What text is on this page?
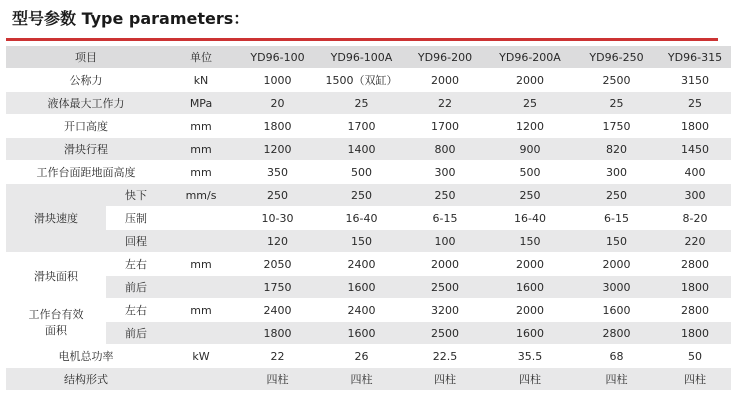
型号参数 Type parameters：
项目		单位	YD96-100	YD96-100A	YD96-200	YD96-200A	YD96-250	YD96-315
公称力		kN	1000	1500（双缸）	2000	2000	2500	3150
液体最大工作力		MPa	20	25	22	25	25	25
开口高度		mm	1800	1700	1700	1200	1750	1800
滑块行程		mm	1200	1400	800	900	820	1450
工作台面距地面高度		mm	350	500	300	500	300	400
滑块速度	快下	mm/s	250	250	250	250	250	300
	压制		10-30	16-40	6-15	16-40	6-15	8-20
	回程		120	150	100	150	150	220
滑块面积	左右	mm	2050	2400	2000	2000	2000	2800
	前后		1750	1600	2500	1600	3000	1800

工作台有效
面积	左右	mm	2400	2400	3200	2000	1600	2800
	前后		1800	1600	2500	1600	2800	1800
电机总功率		kW	22	26	22.5	35.5	68	50
结构形式			四柱	四柱	四柱	四柱	四柱	四柱
